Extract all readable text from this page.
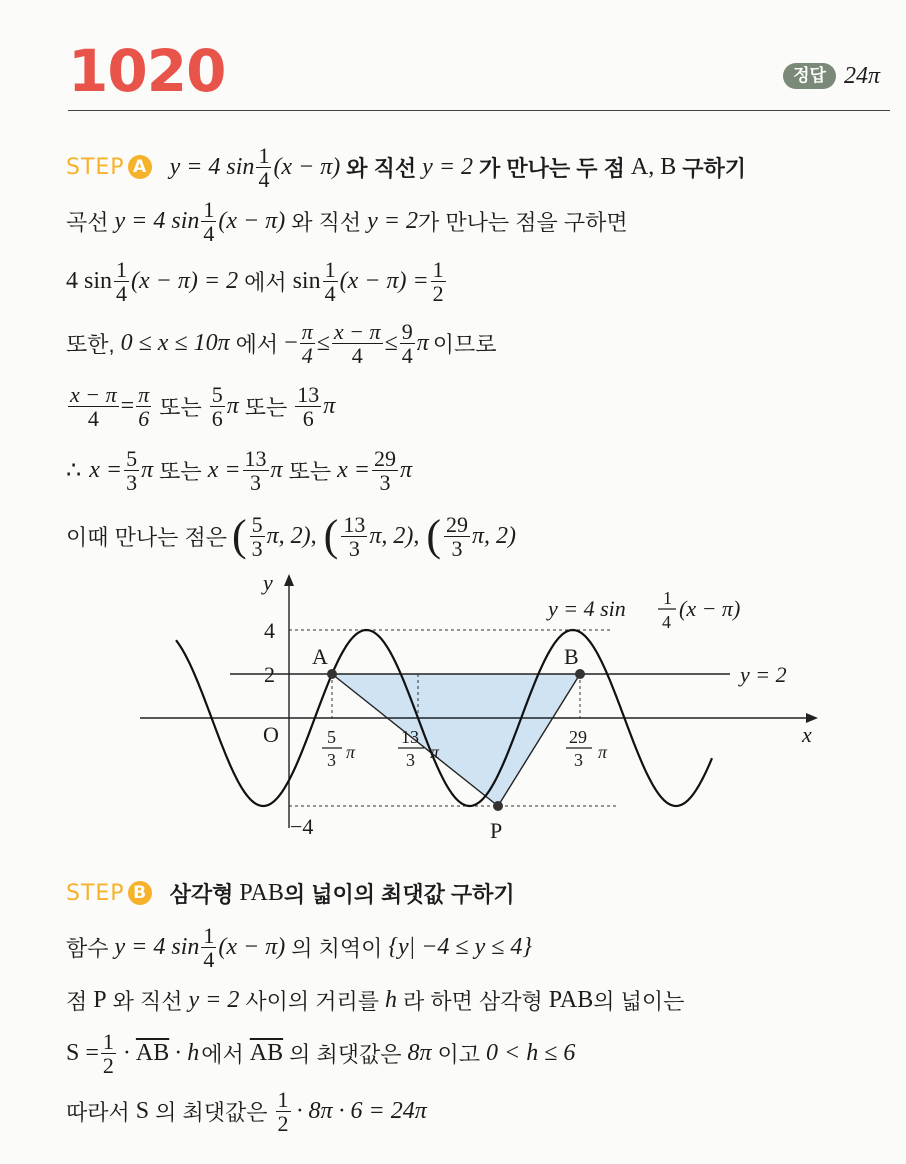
1020	정답 24π
STEP A y = 4 $\sin \frac{1}{4} (x - \pi)$ 와 직선 y = 2 가 만나는 두 점 A, B 구하기
곡선 y = 4 $\sin \frac{1}{4} (x - \pi)$ 와 직선 y = 2 가 만나는 점을 구하면
4 $\sin \frac{1}{4} (x - \pi) = 2$ 에서 $\sin \frac{1}{4} (x - \pi) = \frac{1}{2}$
또한, 0 ≤ x ≤ 10π 에서 − $\frac{\pi}{4} \le \frac{x - \pi}{4} \le \frac{9}{4}$ π 이므로
$\frac{x - \pi}{4} = \frac{\pi}{6}$ 또는 $\frac{5}{6}$ π 또는 $\frac{13}{6}$ π
∴ $x = \frac{5}{3}$ π 또는 $x = \frac{13}{3}$ π 또는 $x = \frac{29}{3}$ π
이때 만나는 점은 ( $\frac{5}{3} \pi$, 2) , ( $\frac{13}{3} \pi$, 2) , ( $\frac{29}{3} \pi$, 2)
y
x
O
4
2
−4
A	B
P
y = 2
y = 4 sin 1
4
(x − π)
5
3 π
13
3 π
29
3 π
STEP B 삼각형 PAB 의 넓이의 최댓값 구하기
함수 y = 4 $\sin \frac{1}{4} (x - \pi)$ 의 치역이 {y| −4 ≤ y ≤ 4}
점 P 와 직선 y = 2 사이의 거리를 h 라 하면 삼각형 PAB 의 넓이는
$S = \frac{1}{2} \cdot \overline{AB} \cdot h$ 에서 $\overline{AB}$ 의 최댓값은 8π 이고 0 < h ≤ 6
따라서 S 의 최댓값은 $\frac{1}{2} \cdot 8\pi \cdot 6 = 24\pi$
